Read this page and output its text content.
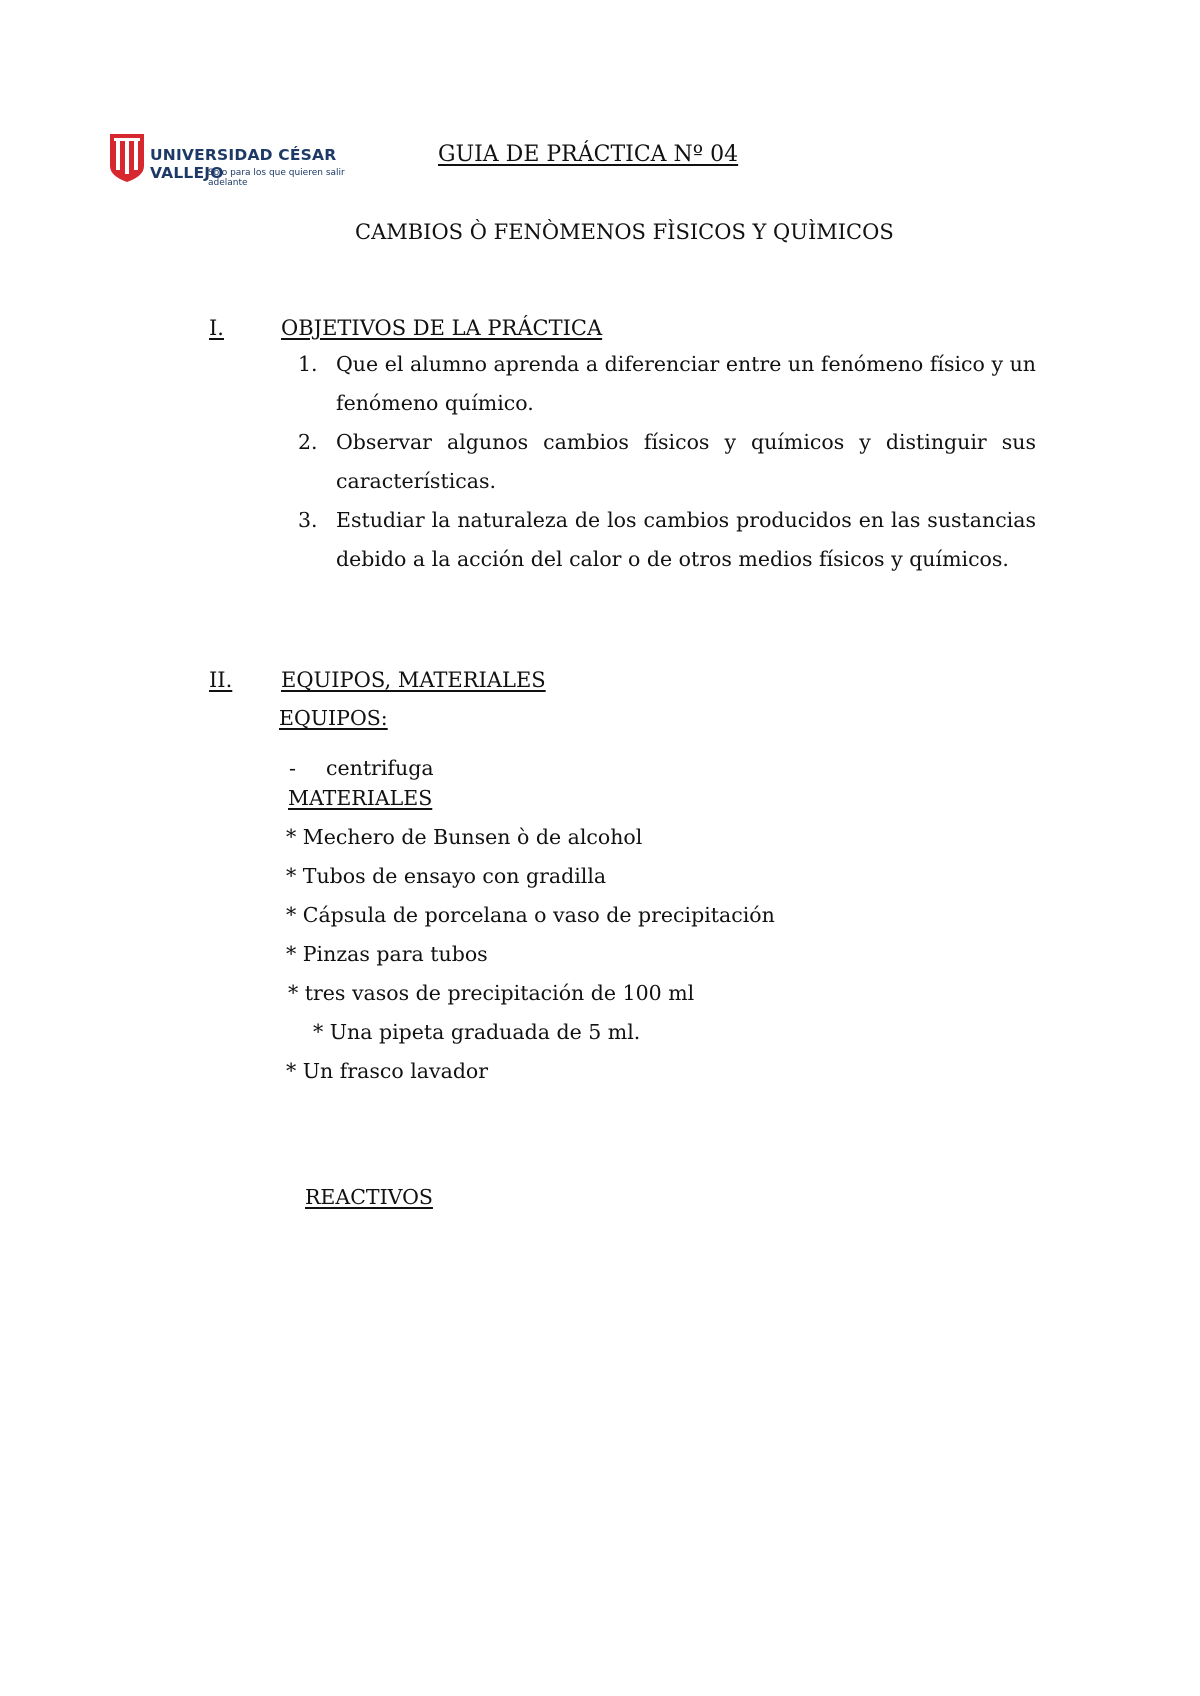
UNIVERSIDAD CÉSAR VALLEJO
Solo para los que quieren salir adelante
GUIA DE PRÁCTICA Nº 04
CAMBIOS Ò FENÒMENOS FÌSICOS Y QUÌMICOS
I.	OBJETIVOS DE LA PRÁCTICA
1. Que el alumno aprenda a diferenciar entre un fenómeno físico y un fenómeno químico.
2. Observar algunos cambios físicos y químicos y distinguir sus características.
3. Estudiar la naturaleza de los cambios producidos en las sustancias debido a la acción del calor o de otros medios físicos y químicos.
II. EQUIPOS, MATERIALES
EQUIPOS:
- centrifuga
MATERIALES
* Mechero de Bunsen ò de alcohol
* Tubos de ensayo con gradilla
* Cápsula de porcelana o vaso de precipitación
* Pinzas para tubos
* tres vasos de precipitación de 100 ml
* Una pipeta graduada de 5 ml.
* Un frasco lavador
REACTIVOS
